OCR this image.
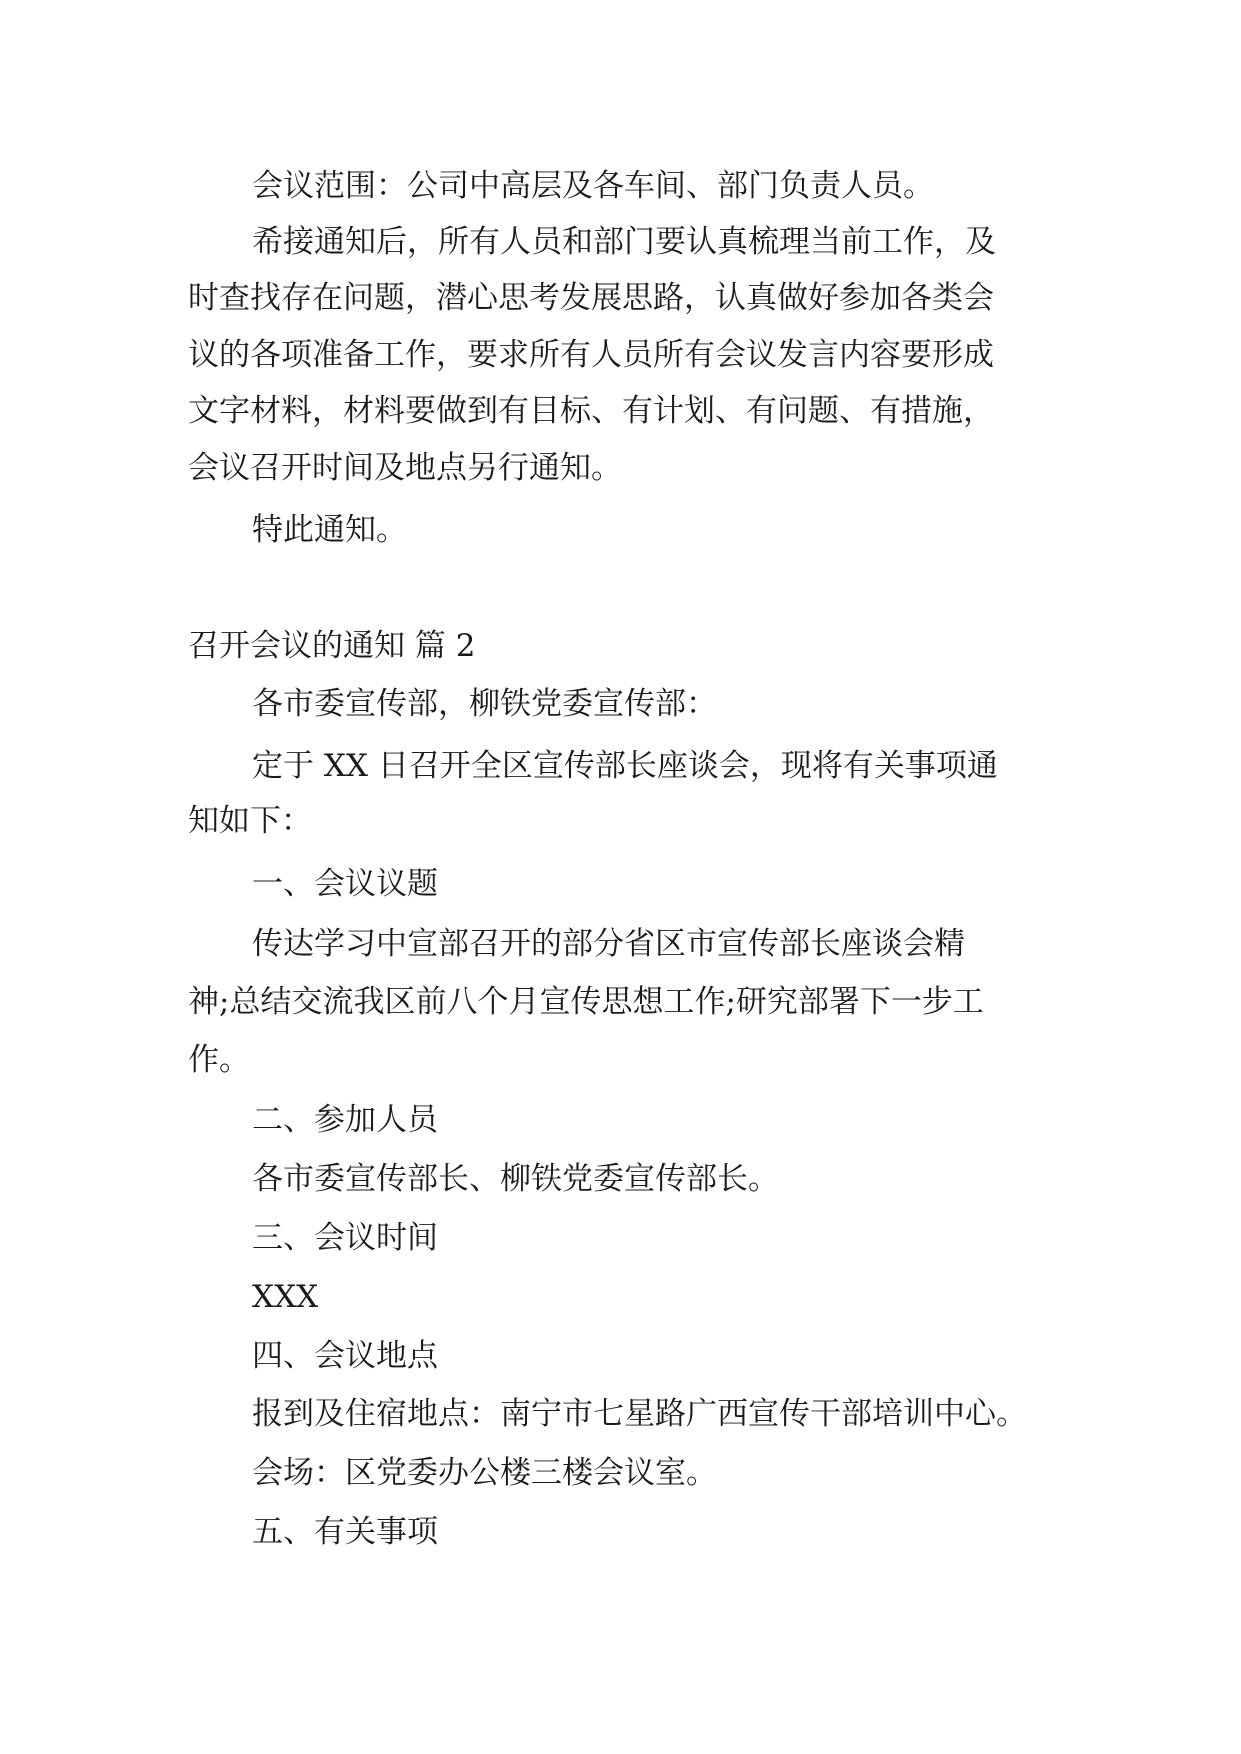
会议范围：公司中高层及各车间、部门负责人员。

希接通知后，所有人员和部门要认真梳理当前工作，及

时查找存在问题，潜心思考发展思路，认真做好参加各类会

议的各项准备工作，要求所有人员所有会议发言内容要形成

文字材料，材料要做到有目标、有计划、有问题、有措施，

会议召开时间及地点另行通知。

特此通知。

召开会议的通知 篇 2

各市委宣传部，柳铁党委宣传部：

定于 XX 日召开全区宣传部长座谈会，现将有关事项通

知如下：

一、会议议题

传达学习中宣部召开的部分省区市宣传部长座谈会精

神;总结交流我区前八个月宣传思想工作;研究部署下一步工

作。

二、参加人员

各市委宣传部长、柳铁党委宣传部长。

三、会议时间

XXX

四、会议地点

报到及住宿地点：南宁市七星路广西宣传干部培训中心。

会场：区党委办公楼三楼会议室。

五、有关事项
